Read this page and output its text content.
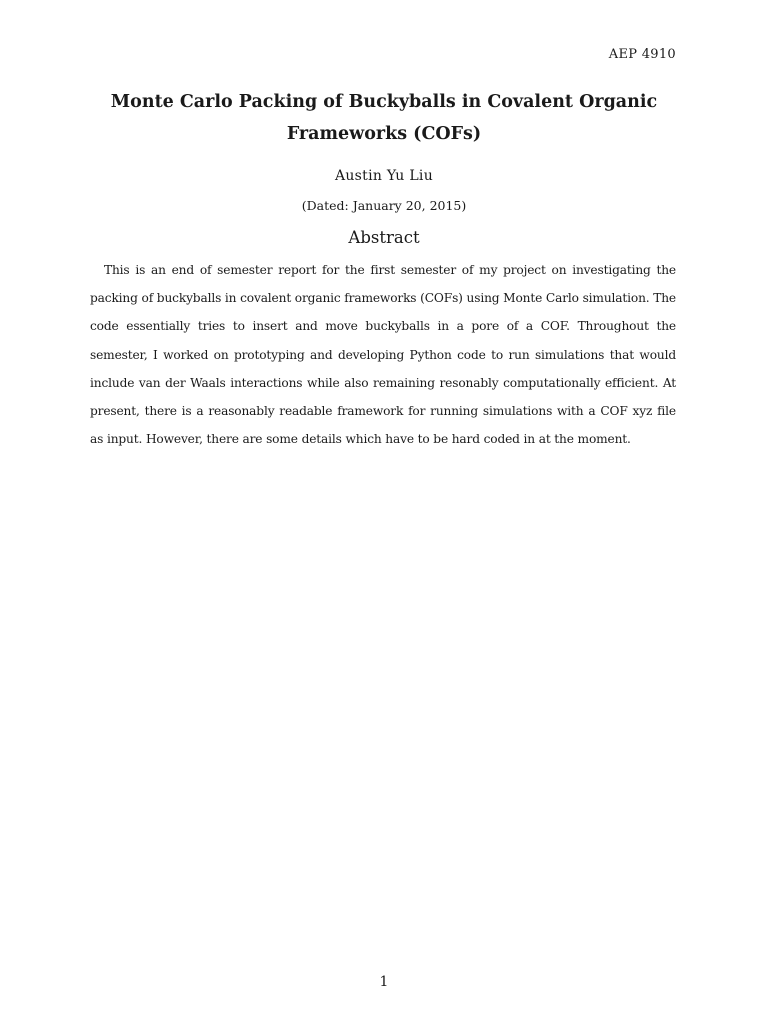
AEP 4910
Monte Carlo Packing of Buckyballs in Covalent Organic
Frameworks (COFs)
Austin Yu Liu
(Dated: January 20, 2015)
Abstract

This is an end of semester report for the first semester of my project on investigating the packing of buckyballs in covalent organic frameworks (COFs) using Monte Carlo simulation. The code essentially tries to insert and move buckyballs in a pore of a COF. Throughout the semester, I worked on prototyping and developing Python code to run simulations that would include van der Waals interactions while also remaining resonably computationally efficient. At present, there is a reasonably readable framework for running simulations with a COF xyz file as input. However, there are some details which have to be hard coded in at the moment.

1
